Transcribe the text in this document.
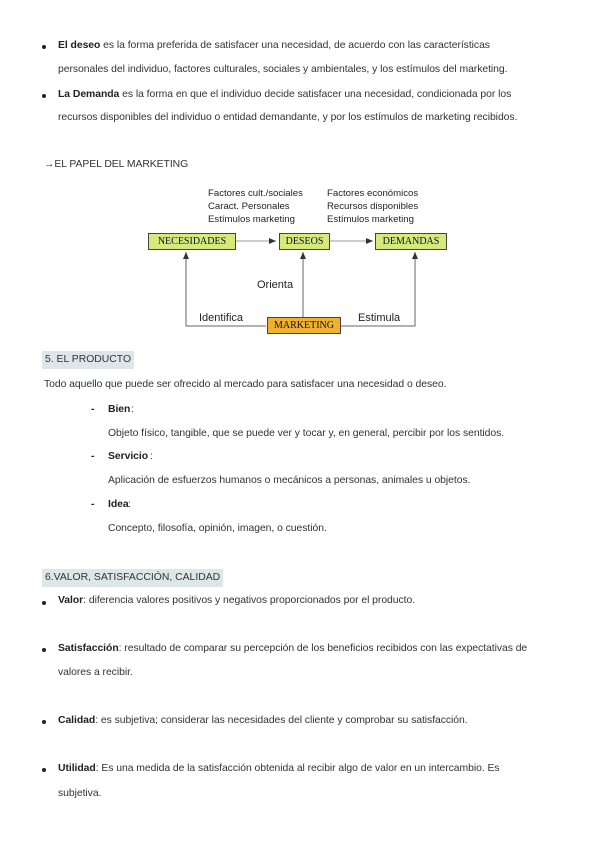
El deseo es la forma preferida de satisfacer una necesidad, de acuerdo con las características
personales del individuo, factores culturales, sociales y ambientales, y los estímulos del marketing.
La Demanda es la forma en que el individuo decide satisfacer una necesidad, condicionada por los
recursos disponibles del individuo o entidad demandante, y por los estímulos de marketing recibidos.
→EL PAPEL DEL MARKETING
Factores cult./sociales
Caract. Personales
Estímulos marketing
Factores económicos
Recursos disponibles
Estímulos marketing
NECESIDADES	DESEOS	DEMANDAS
MARKETING
Orienta
Identifica	Estimula
5. EL PRODUCTO
Todo aquello que puede ser ofrecido al mercado para satisfacer una necesidad o deseo.
- Bien :
Objeto físico, tangible, que se puede ver y tocar y, en general, percibir por los sentidos.
- Servicio :
Aplicación de esfuerzos humanos o mecánicos a personas, animales u objetos.
- Idea :
Concepto, filosofía, opinión, imagen, o cuestión.
6.VALOR, SATISFACCIÓN, CALIDAD
Valor: diferencia valores positivos y negativos proporcionados por el producto.
Satisfacción: resultado de comparar su percepción de los beneficios recibidos con las expectativas de
valores a recibir.
Calidad: es subjetiva; considerar las necesidades del cliente y comprobar su satisfacción.
Utilidad: Es una medida de la satisfacción obtenida al recibir algo de valor en un intercambio. Es
subjetiva.
